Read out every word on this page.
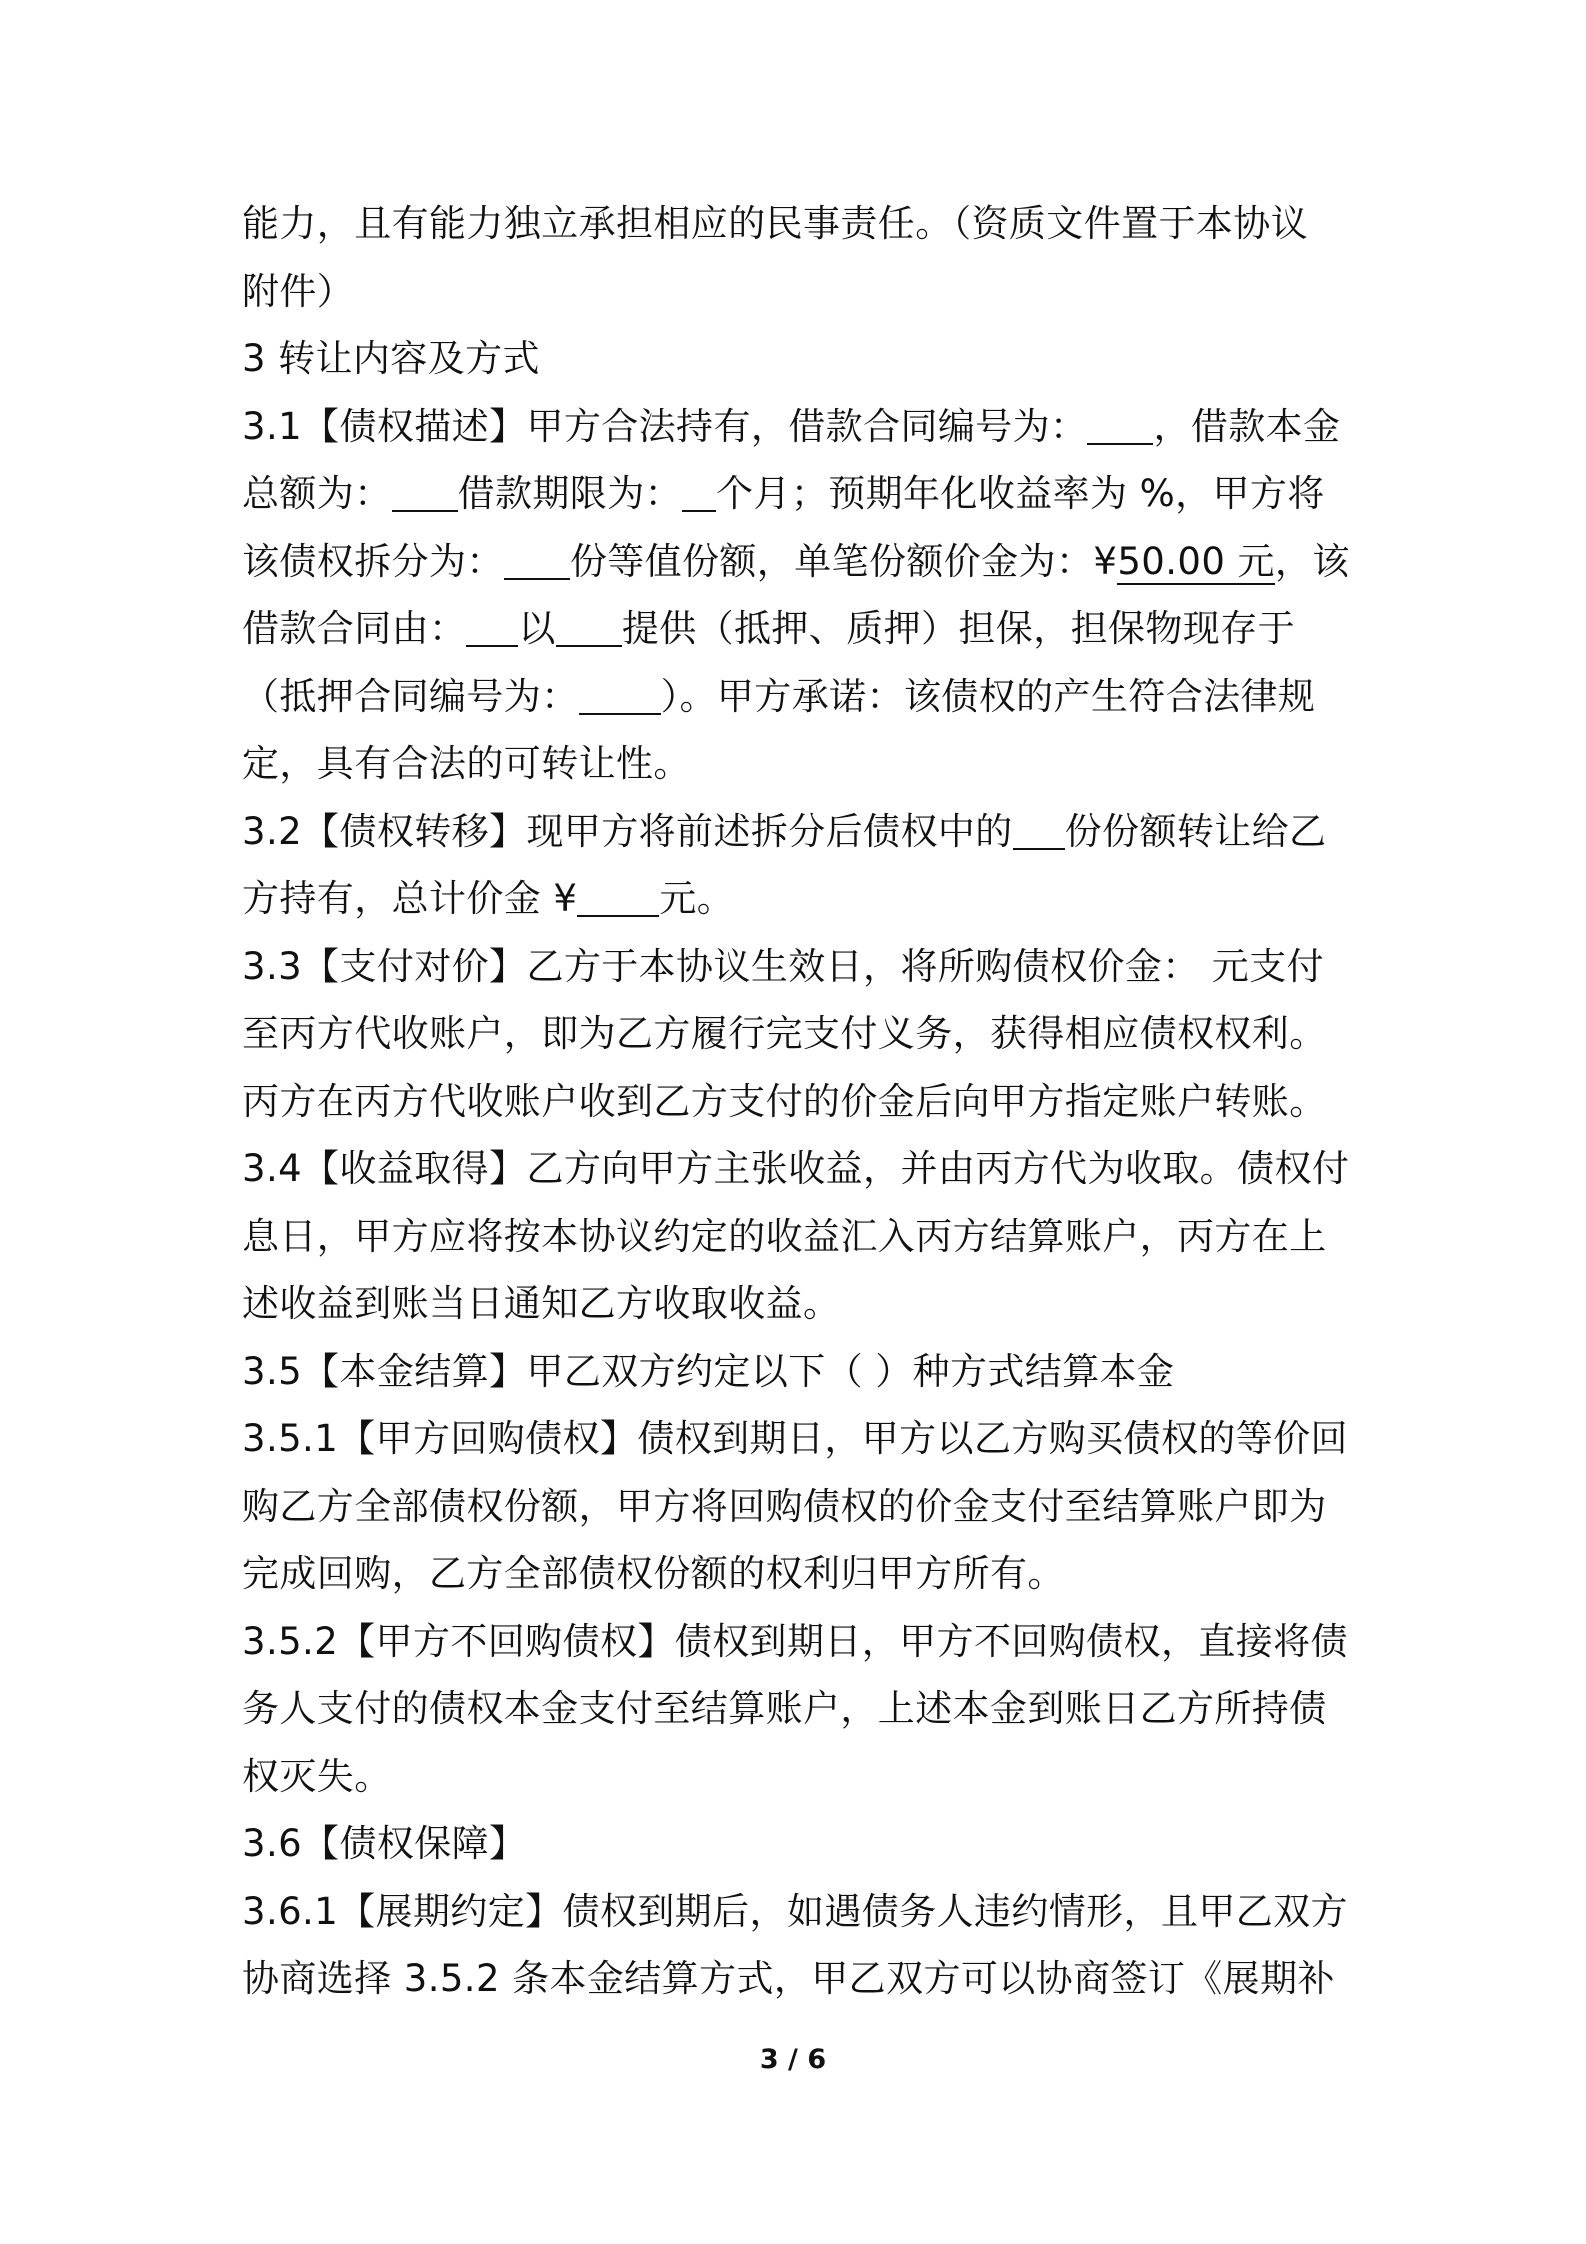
能力，且有能力独立承担相应的民事责任。（资质文件置于本协议
附件）
3 转让内容及方式
3.1【债权描述】甲方合法持有，借款合同编号为： ，借款本金
总额为： 借款期限为： 个月；预期年化收益率为 %，甲方将
该债权拆分为： 份等值份额，单笔份额价金为：¥50.00 元，该
借款合同由： 以 提供（抵押、质押）担保，担保物现存于
（抵押合同编号为： ）。甲方承诺：该债权的产生符合法律规
定，具有合法的可转让性。
3.2【债权转移】现甲方将前述拆分后债权中的 份份额转让给乙
方持有，总计价金 ¥ 元。
3.3【支付对价】乙方于本协议生效日，将所购债权价金： 元支付
至丙方代收账户，即为乙方履行完支付义务，获得相应债权权利。
丙方在丙方代收账户收到乙方支付的价金后向甲方指定账户转账。
3.4【收益取得】乙方向甲方主张收益，并由丙方代为收取。债权付
息日，甲方应将按本协议约定的收益汇入丙方结算账户，丙方在上
述收益到账当日通知乙方收取收益。
3.5【本金结算】甲乙双方约定以下（ ）种方式结算本金
3.5.1【甲方回购债权】债权到期日，甲方以乙方购买债权的等价回
购乙方全部债权份额，甲方将回购债权的价金支付至结算账户即为
完成回购，乙方全部债权份额的权利归甲方所有。
3.5.2【甲方不回购债权】债权到期日，甲方不回购债权，直接将债
务人支付的债权本金支付至结算账户，上述本金到账日乙方所持债
权灭失。
3.6【债权保障】
3.6.1【展期约定】债权到期后，如遇债务人违约情形，且甲乙双方
协商选择 3.5.2 条本金结算方式，甲乙双方可以协商签订《展期补
3 / 6
